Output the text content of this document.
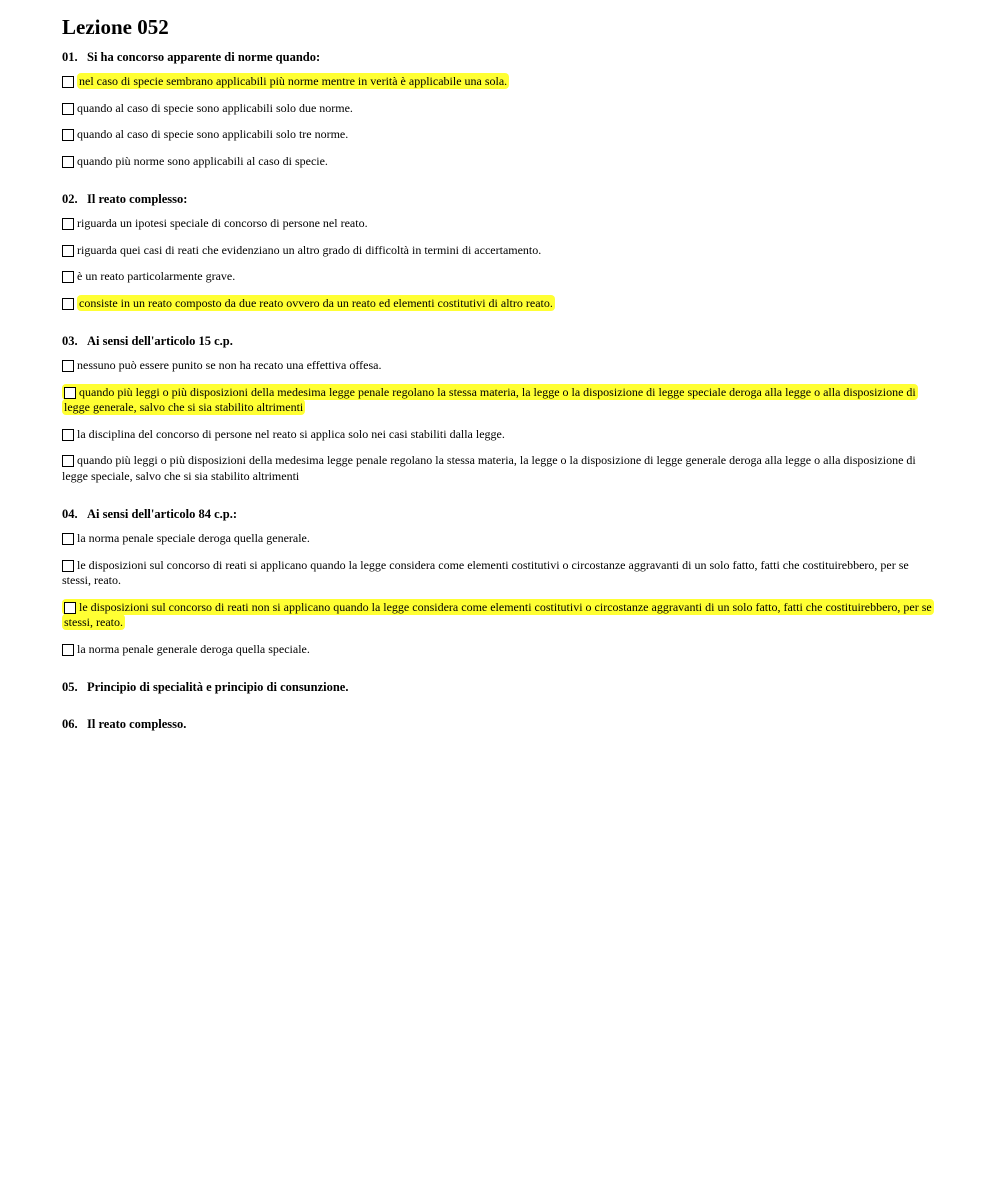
Lezione 052
01. Si ha concorso apparente di norme quando:
nel caso di specie sembrano applicabili più norme mentre in verità è applicabile una sola.
quando al caso di specie sono applicabili solo due norme.
quando al caso di specie sono applicabili solo tre norme.
quando più norme sono applicabili al caso di specie.
02. Il reato complesso:
riguarda un ipotesi speciale di concorso di persone nel reato.
riguarda quei casi di reati che evidenziano un altro grado di difficoltà in termini di accertamento.
è un reato particolarmente grave.
consiste in un reato composto da due reato ovvero da un reato ed elementi costitutivi di altro reato.
03. Ai sensi dell'articolo 15 c.p.
nessuno può essere punito se non ha recato una effettiva offesa.
quando più leggi o più disposizioni della medesima legge penale regolano la stessa materia, la legge o la disposizione di legge speciale deroga alla legge o alla disposizione di legge generale, salvo che si sia stabilito altrimenti
la disciplina del concorso di persone nel reato si applica solo nei casi stabiliti dalla legge.
quando più leggi o più disposizioni della medesima legge penale regolano la stessa materia, la legge o la disposizione di legge generale deroga alla legge o alla disposizione di legge speciale, salvo che si sia stabilito altrimenti
04. Ai sensi dell'articolo 84 c.p.:
la norma penale speciale deroga quella generale.
le disposizioni sul concorso di reati si applicano quando la legge considera come elementi costitutivi o circostanze aggravanti di un solo fatto, fatti che costituirebbero, per se stessi, reato.
le disposizioni sul concorso di reati non si applicano quando la legge considera come elementi costitutivi o circostanze aggravanti di un solo fatto, fatti che costituirebbero, per se stessi, reato.
la norma penale generale deroga quella speciale.
05. Principio di specialità e principio di consunzione.
06. Il reato complesso.
